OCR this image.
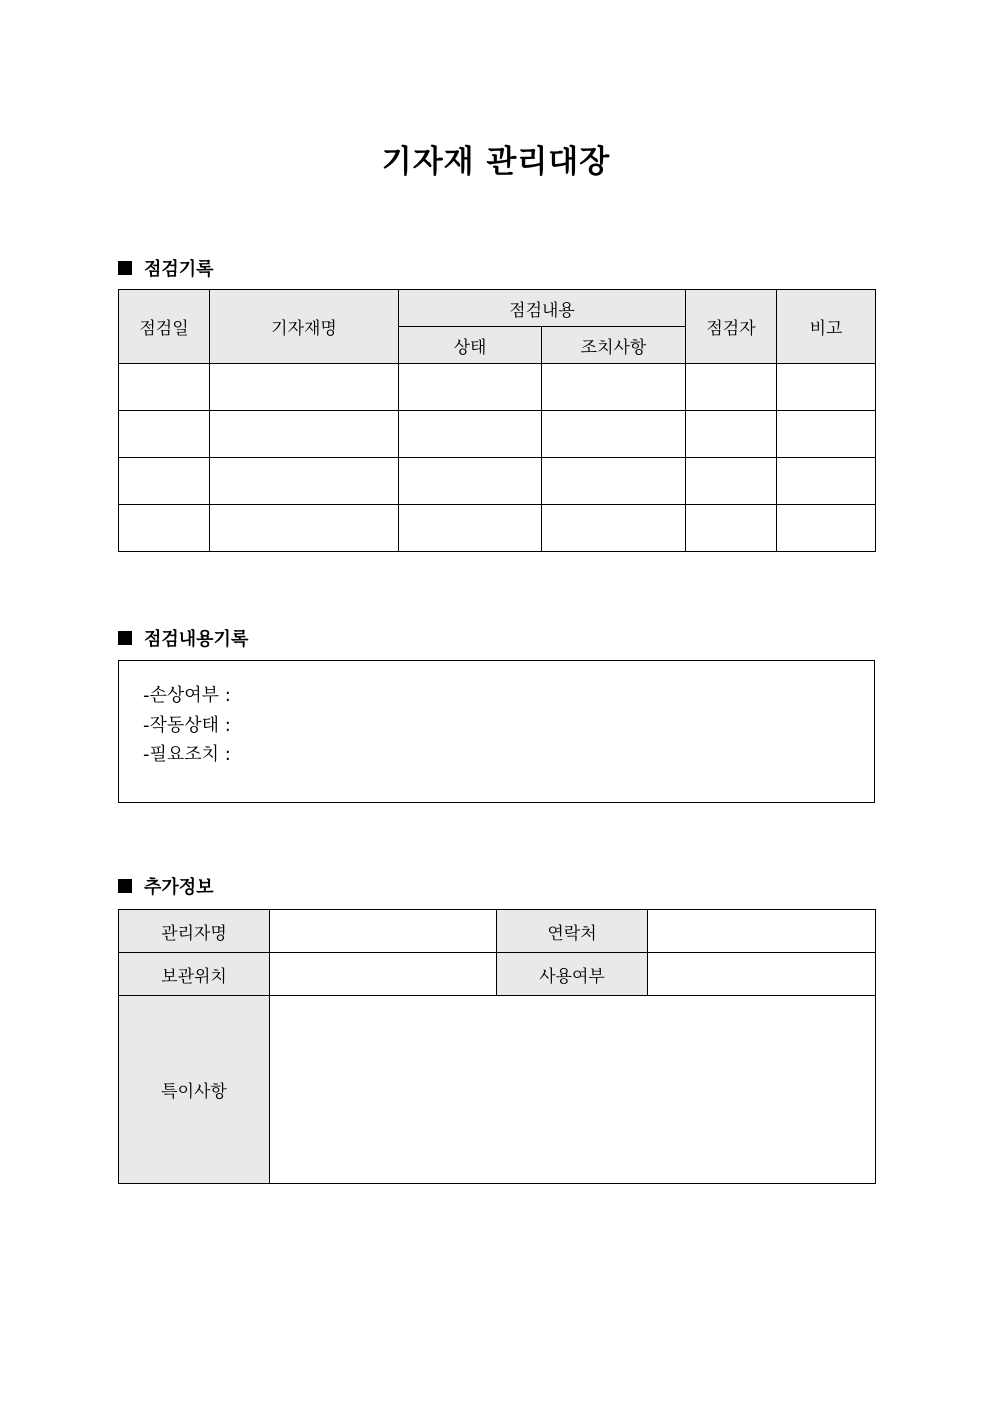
기자재 관리대장
점검기록
점검일	기자재명	점검내용		점검자	비고
		상태	조치사항		

점검내용기록
-손상여부 :
-작동상태 :
-필요조치 :
추가정보
관리자명		연락처	
보관위치		사용여부	
특이사항			
